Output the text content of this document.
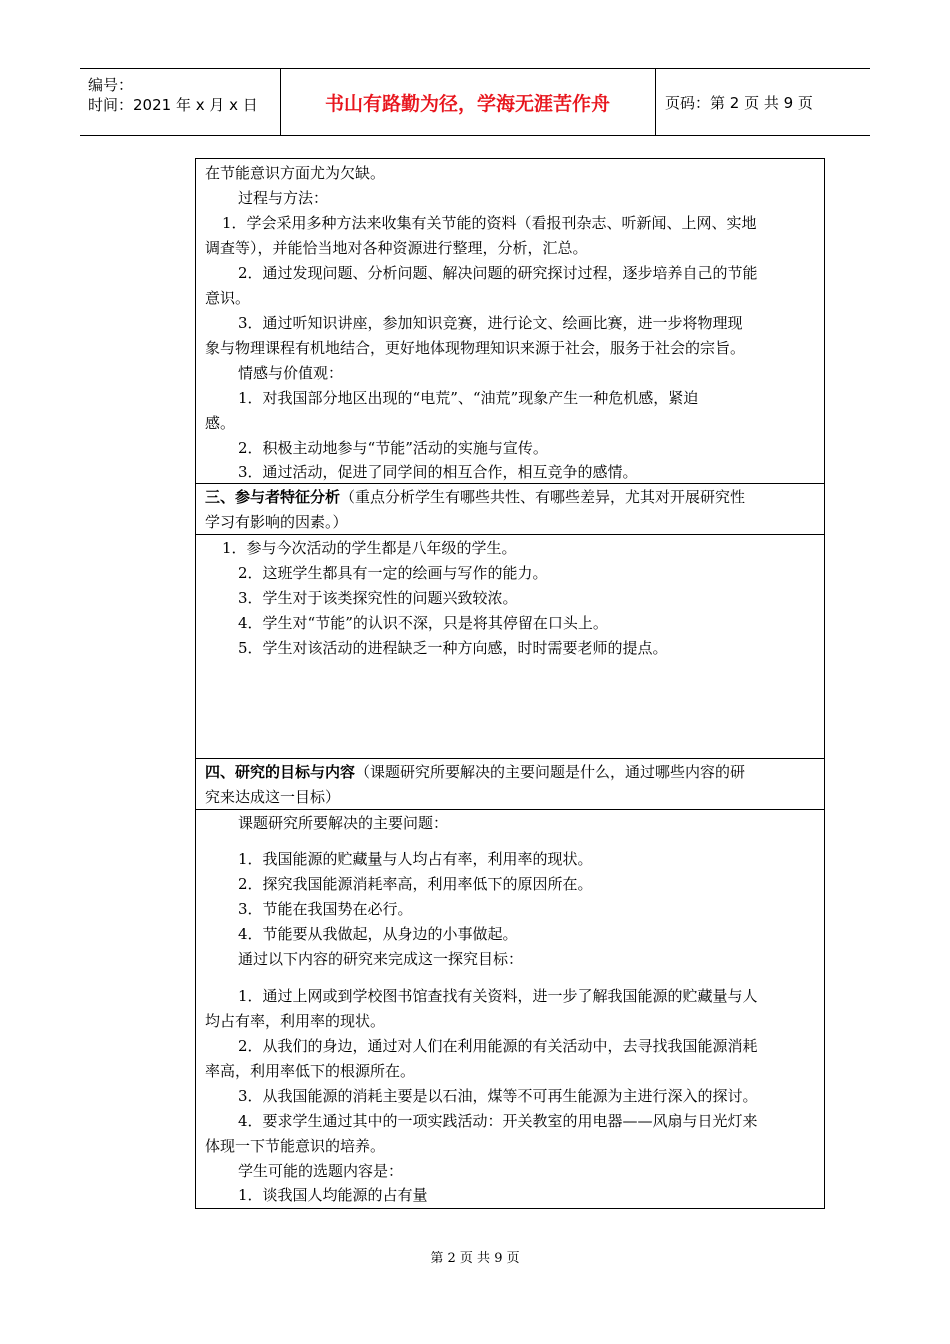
编号：
时间：2021 年 x 月 x 日	书山有路勤为径，学海无涯苦作舟	页码：第 2 页 共 9 页
在节能意识方面尤为欠缺。
过程与方法：
1．学会采用多种方法来收集有关节能的资料（看报刊杂志、听新闻、上网、实地
调查等），并能恰当地对各种资源进行整理，分析，汇总。
2．通过发现问题、分析问题、解决问题的研究探讨过程，逐步培养自己的节能
意识。
3．通过听知识讲座，参加知识竞赛，进行论文、绘画比赛，进一步将物理现
象与物理课程有机地结合，更好地体现物理知识来源于社会，服务于社会的宗旨。
情感与价值观：
1．对我国部分地区出现的“电荒”、“油荒”现象产生一种危机感，紧迫
感。
2．积极主动地参与“节能”活动的实施与宣传。
3．通过活动，促进了同学间的相互合作，相互竞争的感情。
三、参与者特征分析（重点分析学生有哪些共性、有哪些差异，尤其对开展研究性
学习有影响的因素。）
1．参与今次活动的学生都是八年级的学生。
2．这班学生都具有一定的绘画与写作的能力。
3．学生对于该类探究性的问题兴致较浓。
4．学生对“节能”的认识不深，只是将其停留在口头上。
5．学生对该活动的进程缺乏一种方向感，时时需要老师的提点。
四、研究的目标与内容（课题研究所要解决的主要问题是什么，通过哪些内容的研
究来达成这一目标）
课题研究所要解决的主要问题：
1．我国能源的贮藏量与人均占有率，利用率的现状。
2．探究我国能源消耗率高，利用率低下的原因所在。
3．节能在我国势在必行。
4．节能要从我做起，从身边的小事做起。
通过以下内容的研究来完成这一探究目标：
1．通过上网或到学校图书馆查找有关资料，进一步了解我国能源的贮藏量与人
均占有率，利用率的现状。
2．从我们的身边，通过对人们在利用能源的有关活动中，去寻找我国能源消耗
率高，利用率低下的根源所在。
3．从我国能源的消耗主要是以石油，煤等不可再生能源为主进行深入的探讨。
4．要求学生通过其中的一项实践活动：开关教室的用电器——风扇与日光灯来
体现一下节能意识的培养。
学生可能的选题内容是：
1．谈我国人均能源的占有量
第 2 页 共 9 页
